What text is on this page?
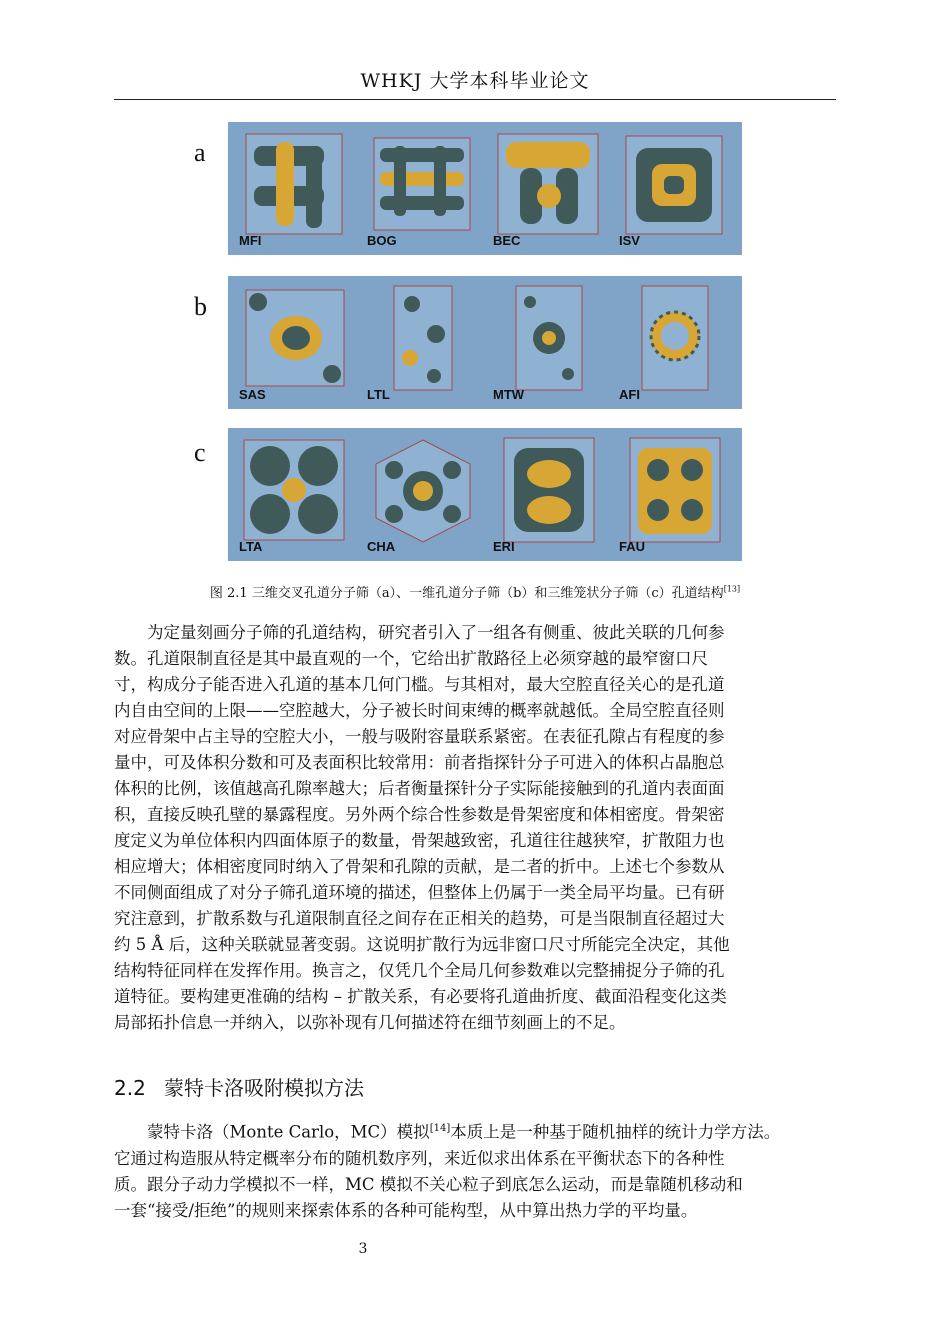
WHKJ 大学本科毕业论文
a
MFI	BOG	BEC	ISV
b
SAS	LTL	MTW	AFI
c
LTA	CHA	ERI	FAU
图 2.1 三维交叉孔道分子筛（a）、一维孔道分子筛（b）和三维笼状分子筛（c）孔道结构[13]
为定量刻画分子筛的孔道结构，研究者引入了一组各有侧重、彼此关联的几何参
数。孔道限制直径是其中最直观的一个，它给出扩散路径上必须穿越的最窄窗口尺
寸，构成分子能否进入孔道的基本几何门槛。与其相对，最大空腔直径关心的是孔道
内自由空间的上限——空腔越大，分子被长时间束缚的概率就越低。全局空腔直径则
对应骨架中占主导的空腔大小，一般与吸附容量联系紧密。在表征孔隙占有程度的参
量中，可及体积分数和可及表面积比较常用：前者指探针分子可进入的体积占晶胞总
体积的比例，该值越高孔隙率越大；后者衡量探针分子实际能接触到的孔道内表面面
积，直接反映孔壁的暴露程度。另外两个综合性参数是骨架密度和体相密度。骨架密
度定义为单位体积内四面体原子的数量，骨架越致密，孔道往往越狭窄，扩散阻力也
相应增大；体相密度同时纳入了骨架和孔隙的贡献，是二者的折中。上述七个参数从
不同侧面组成了对分子筛孔道环境的描述，但整体上仍属于一类全局平均量。已有研
究注意到，扩散系数与孔道限制直径之间存在正相关的趋势，可是当限制直径超过大
约 5 Å 后，这种关联就显著变弱。这说明扩散行为远非窗口尺寸所能完全决定，其他
结构特征同样在发挥作用。换言之，仅凭几个全局几何参数难以完整捕捉分子筛的孔
道特征。要构建更准确的结构 – 扩散关系，有必要将孔道曲折度、截面沿程变化这类
局部拓扑信息一并纳入，以弥补现有几何描述符在细节刻画上的不足。
2.2 蒙特卡洛吸附模拟方法
蒙特卡洛（Monte Carlo，MC）模拟[14]本质上是一种基于随机抽样的统计力学方法。
它通过构造服从特定概率分布的随机数序列，来近似求出体系在平衡状态下的各种性
质。跟分子动力学模拟不一样，MC 模拟不关心粒子到底怎么运动，而是靠随机移动和
一套“接受/拒绝”的规则来探索体系的各种可能构型，从中算出热力学的平均量。
3
